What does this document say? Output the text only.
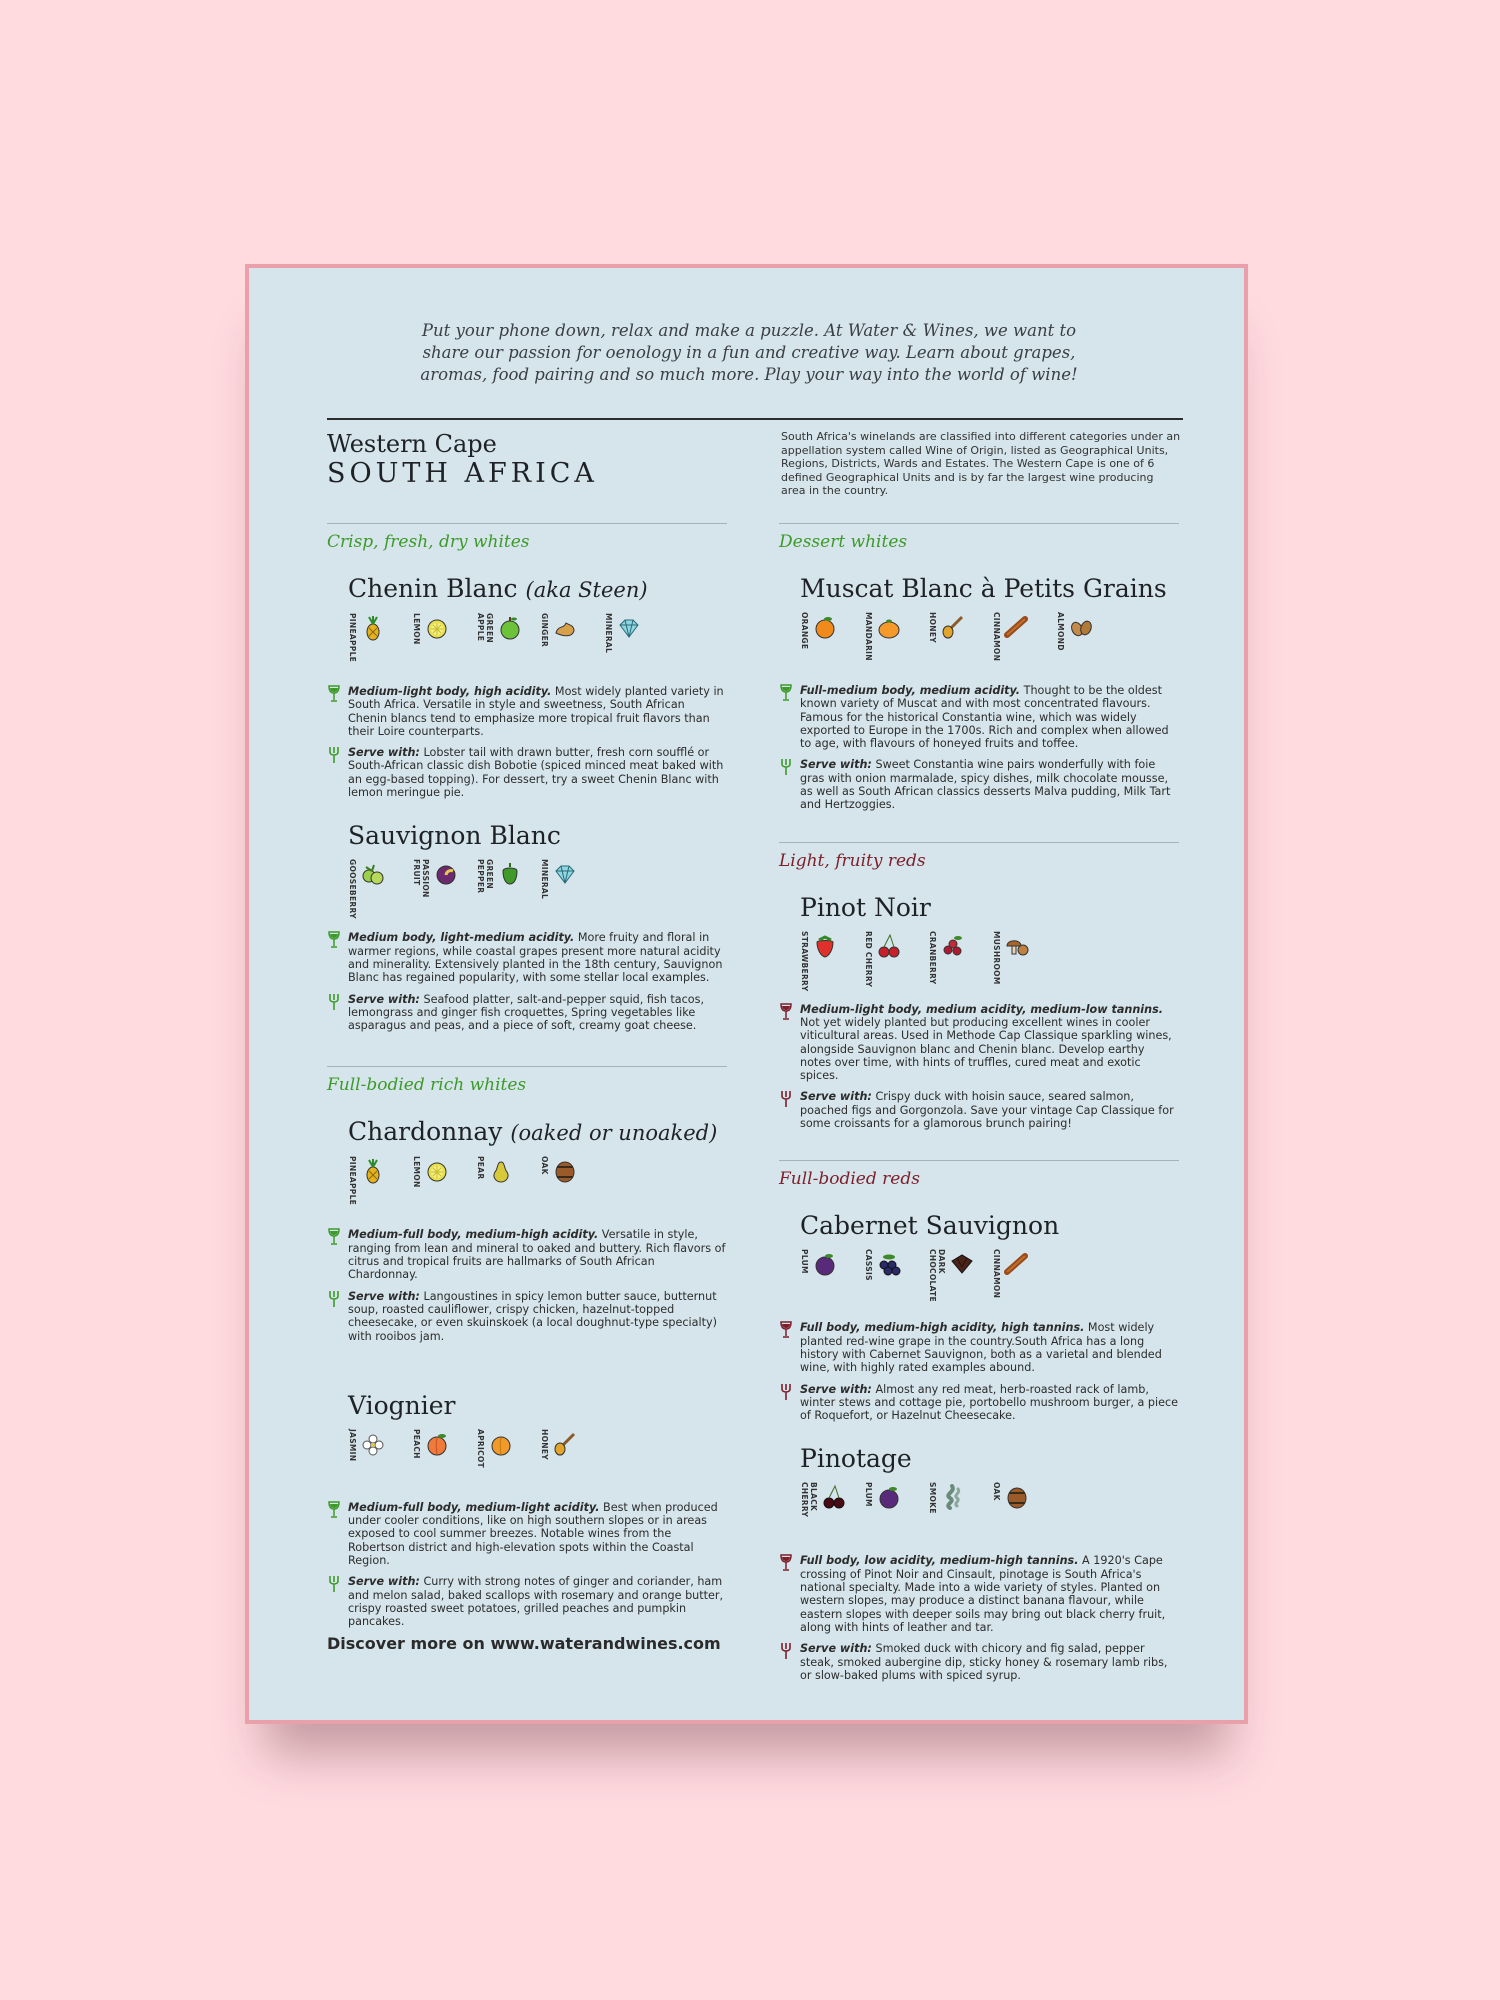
Put your phone down, relax and make a puzzle. At Water & Wines, we want to share our passion for oenology in a fun and creative way. Learn about grapes, aromas, food pairing and so much more. Play your way into the world of wine!
Western Cape
SOUTH AFRICA
South Africa's winelands are classified into different categories under an appellation system called Wine of Origin, listed as Geographical Units, Regions, Districts, Wards and Estates. The Western Cape is one of 6 defined Geographical Units and is by far the largest wine producing area in the country.
Crisp, fresh, dry whites
Chenin Blanc (aka Steen)
PINEAPPLE	LEMON	GREEN APPLE	GINGER	MINERAL
Medium-light body, high acidity. Most widely planted variety in South Africa. Versatile in style and sweetness, South African Chenin blancs tend to emphasize more tropical fruit flavors than their Loire counterparts.
Serve with: Lobster tail with drawn butter, fresh corn soufflé or South-African classic dish Bobotie (spiced minced meat baked with an egg-based topping). For dessert, try a sweet Chenin Blanc with lemon meringue pie.
Sauvignon Blanc
GOOSEBERRY	PASSION FRUIT	GREEN PEPPER	MINERAL
Medium body, light-medium acidity. More fruity and floral in warmer regions, while coastal grapes present more natural acidity and minerality. Extensively planted in the 18th century, Sauvignon Blanc has regained popularity, with some stellar local examples.
Serve with: Seafood platter, salt-and-pepper squid, fish tacos, lemongrass and ginger fish croquettes, Spring vegetables like asparagus and peas, and a piece of soft, creamy goat cheese.
Full-bodied rich whites
Chardonnay (oaked or unoaked)
PINEAPPLE	LEMON	PEAR	OAK
Medium-full body, medium-high acidity. Versatile in style, ranging from lean and mineral to oaked and buttery. Rich flavors of citrus and tropical fruits are hallmarks of South African Chardonnay.
Serve with: Langoustines in spicy lemon butter sauce, butternut soup, roasted cauliflower, crispy chicken, hazelnut-topped cheesecake, or even skuinskoek (a local doughnut-type specialty) with rooibos jam.
Viognier
JASMIN	PEACH	APRICOT	HONEY
Medium-full body, medium-light acidity. Best when produced under cooler conditions, like on high southern slopes or in areas exposed to cool summer breezes. Notable wines from the Robertson district and high-elevation spots within the Coastal Region.
Serve with: Curry with strong notes of ginger and coriander, ham and melon salad, baked scallops with rosemary and orange butter, crispy roasted sweet potatoes, grilled peaches and pumpkin pancakes.
Dessert whites
Muscat Blanc à Petits Grains
ORANGE	MANDARIN	HONEY	CINNAMON	ALMOND
Full-medium body, medium acidity. Thought to be the oldest known variety of Muscat and with most concentrated flavours. Famous for the historical Constantia wine, which was widely exported to Europe in the 1700s. Rich and complex when allowed to age, with flavours of honeyed fruits and toffee.
Serve with: Sweet Constantia wine pairs wonderfully with foie gras with onion marmalade, spicy dishes, milk chocolate mousse, as well as South African classics desserts Malva pudding, Milk Tart and Hertzoggies.
Light, fruity reds
Pinot Noir
STRAWBERRY	RED CHERRY	CRANBERRY	MUSHROOM
Medium-light body, medium acidity, medium-low tannins. Not yet widely planted but producing excellent wines in cooler viticultural areas. Used in Methode Cap Classique sparkling wines, alongside Sauvignon blanc and Chenin blanc. Develop earthy notes over time, with hints of truffles, cured meat and exotic spices.
Serve with: Crispy duck with hoisin sauce, seared salmon, poached figs and Gorgonzola. Save your vintage Cap Classique for some croissants for a glamorous brunch pairing!
Full-bodied reds
Cabernet Sauvignon
PLUM	CASSIS	DARK CHOCOLATE	CINNAMON
Full body, medium-high acidity, high tannins. Most widely planted red-wine grape in the country.South Africa has a long history with Cabernet Sauvignon, both as a varietal and blended wine, with highly rated examples abound.
Serve with: Almost any red meat, herb-roasted rack of lamb, winter stews and cottage pie, portobello mushroom burger, a piece of Roquefort, or Hazelnut Cheesecake.
Pinotage
BLACK CHERRY	PLUM	SMOKE	OAK
Full body, low acidity, medium-high tannins. A 1920's Cape crossing of Pinot Noir and Cinsault, pinotage is South Africa's national specialty. Made into a wide variety of styles. Planted on western slopes, may produce a distinct banana flavour, while eastern slopes with deeper soils may bring out black cherry fruit, along with hints of leather and tar.
Serve with: Smoked duck with chicory and fig salad, pepper steak, smoked aubergine dip, sticky honey & rosemary lamb ribs, or slow-baked plums with spiced syrup.
Discover more on www.waterandwines.com
